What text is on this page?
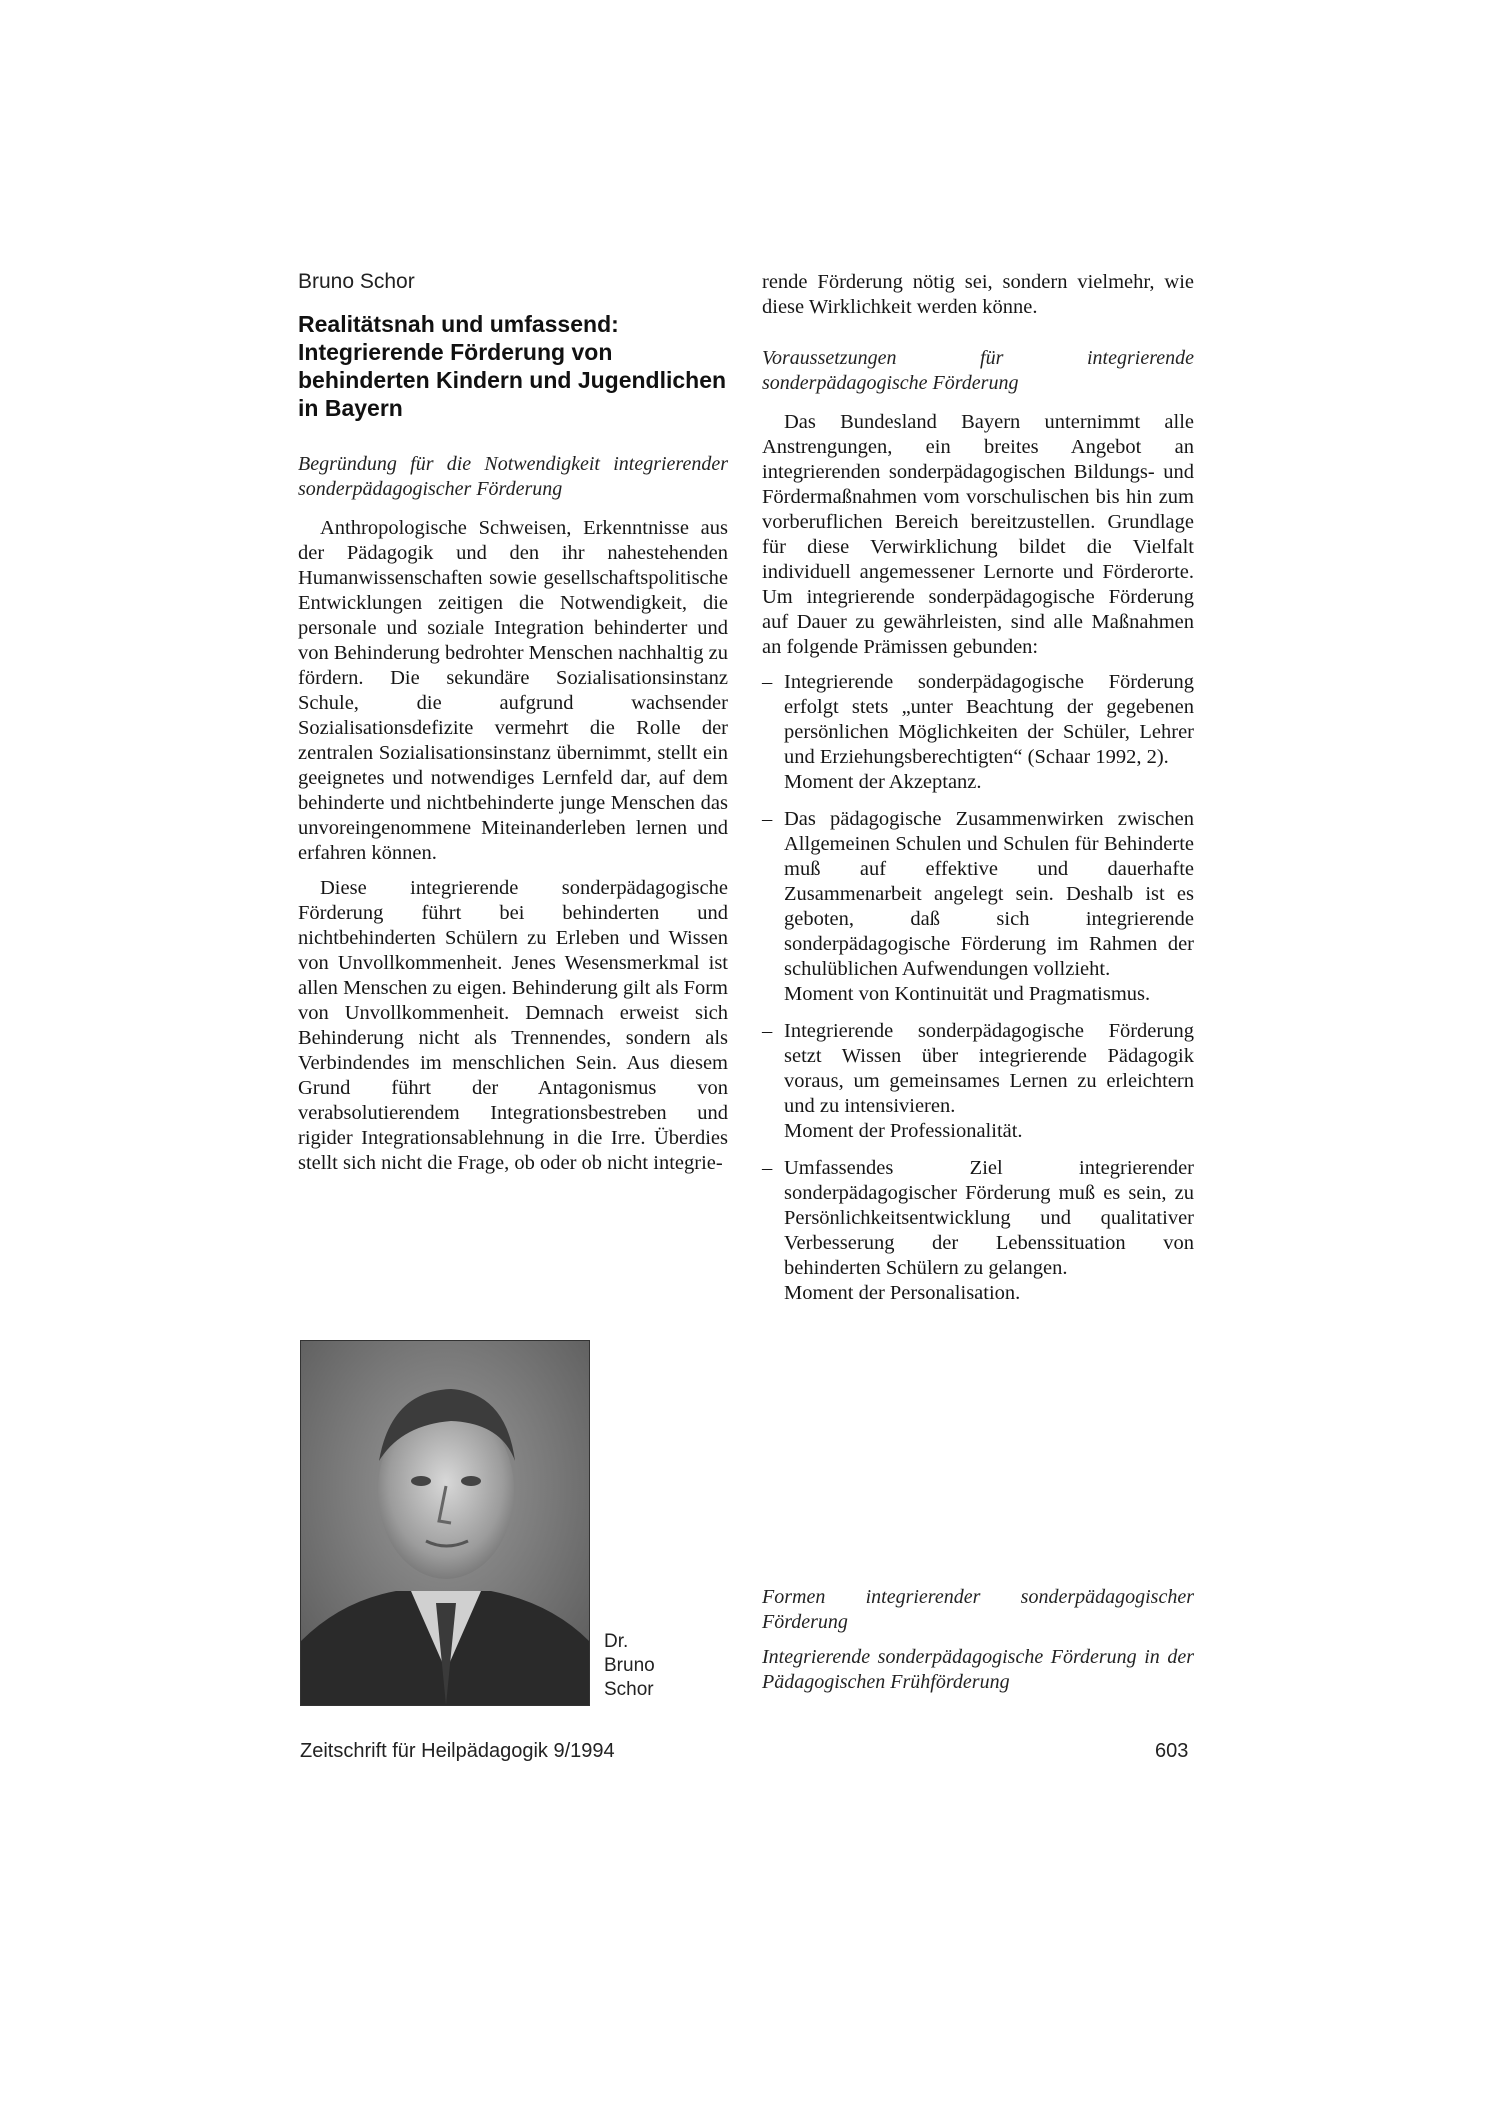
Bruno Schor
Realitätsnah und umfassend: Integrierende Förderung von behinderten Kindern und Jugendlichen in Bayern
Begründung für die Notwendigkeit integrierender sonderpädagogischer Förderung

Anthropologische Schweisen, Erkenntnisse aus der Pädagogik und den ihr nahestehenden Humanwissenschaften sowie gesellschaftspolitische Entwicklungen zeitigen die Notwendigkeit, die personale und soziale Integration behinderter und von Behinderung bedrohter Menschen nachhaltig zu fördern. Die sekundäre Sozialisationsinstanz Schule, die aufgrund wachsender Sozialisationsdefizite vermehrt die Rolle der zentralen Sozialisationsinstanz übernimmt, stellt ein geeignetes und notwendiges Lernfeld dar, auf dem behinderte und nichtbehinderte junge Menschen das unvoreingenommene Miteinanderleben lernen und erfahren können.

Diese integrierende sonderpädagogische Förderung führt bei behinderten und nichtbehinderten Schülern zu Erleben und Wissen von Unvollkommenheit. Jenes Wesensmerkmal ist allen Menschen zu eigen. Behinderung gilt als Form von Unvollkommenheit. Demnach erweist sich Behinderung nicht als Trennendes, sondern als Verbindendes im menschlichen Sein. Aus diesem Grund führt der Antagonismus von verabsolutierendem Integrationsbestreben und rigider Integrationsablehnung in die Irre. Überdies stellt sich nicht die Frage, ob oder ob nicht integrie-

Dr.
Bruno
Schor

rende Förderung nötig sei, sondern vielmehr, wie diese Wirklichkeit werden könne.

Voraussetzungen für integrierende sonderpädagogische Förderung

Das Bundesland Bayern unternimmt alle Anstrengungen, ein breites Angebot an integrierenden sonderpädagogischen Bildungs- und Fördermaßnahmen vom vorschulischen bis hin zum vorberuflichen Bereich bereitzustellen. Grundlage für diese Verwirklichung bildet die Vielfalt individuell angemessener Lernorte und Förderorte. Um integrierende sonderpädagogische Förderung auf Dauer zu gewährleisten, sind alle Maßnahmen an folgende Prämissen gebunden:

– Integrierende sonderpädagogische Förderung erfolgt stets „unter Beachtung der gegebenen persönlichen Möglichkeiten der Schüler, Lehrer und Erziehungsberechtigten“ (Schaar 1992, 2).
Moment der Akzeptanz.
– Das pädagogische Zusammenwirken zwischen Allgemeinen Schulen und Schulen für Behinderte muß auf effektive und dauerhafte Zusammenarbeit angelegt sein. Deshalb ist es geboten, daß sich integrierende sonderpädagogische Förderung im Rahmen der schulüblichen Aufwendungen vollzieht.
Moment von Kontinuität und Pragmatismus.
– Integrierende sonderpädagogische Förderung setzt Wissen über integrierende Pädagogik voraus, um gemeinsames Lernen zu erleichtern und zu intensivieren.
Moment der Professionalität.
– Umfassendes Ziel integrierender sonderpädagogischer Förderung muß es sein, zu Persönlichkeitsentwicklung und qualitativer Verbesserung der Lebenssituation von behinderten Schülern zu gelangen.
Moment der Personalisation.
Formen integrierender sonderpädagogischer Förderung
Integrierende sonderpädagogische Förderung in der Pädagogischen Frühförderung
Zeitschrift für Heilpädagogik 9/1994	603
